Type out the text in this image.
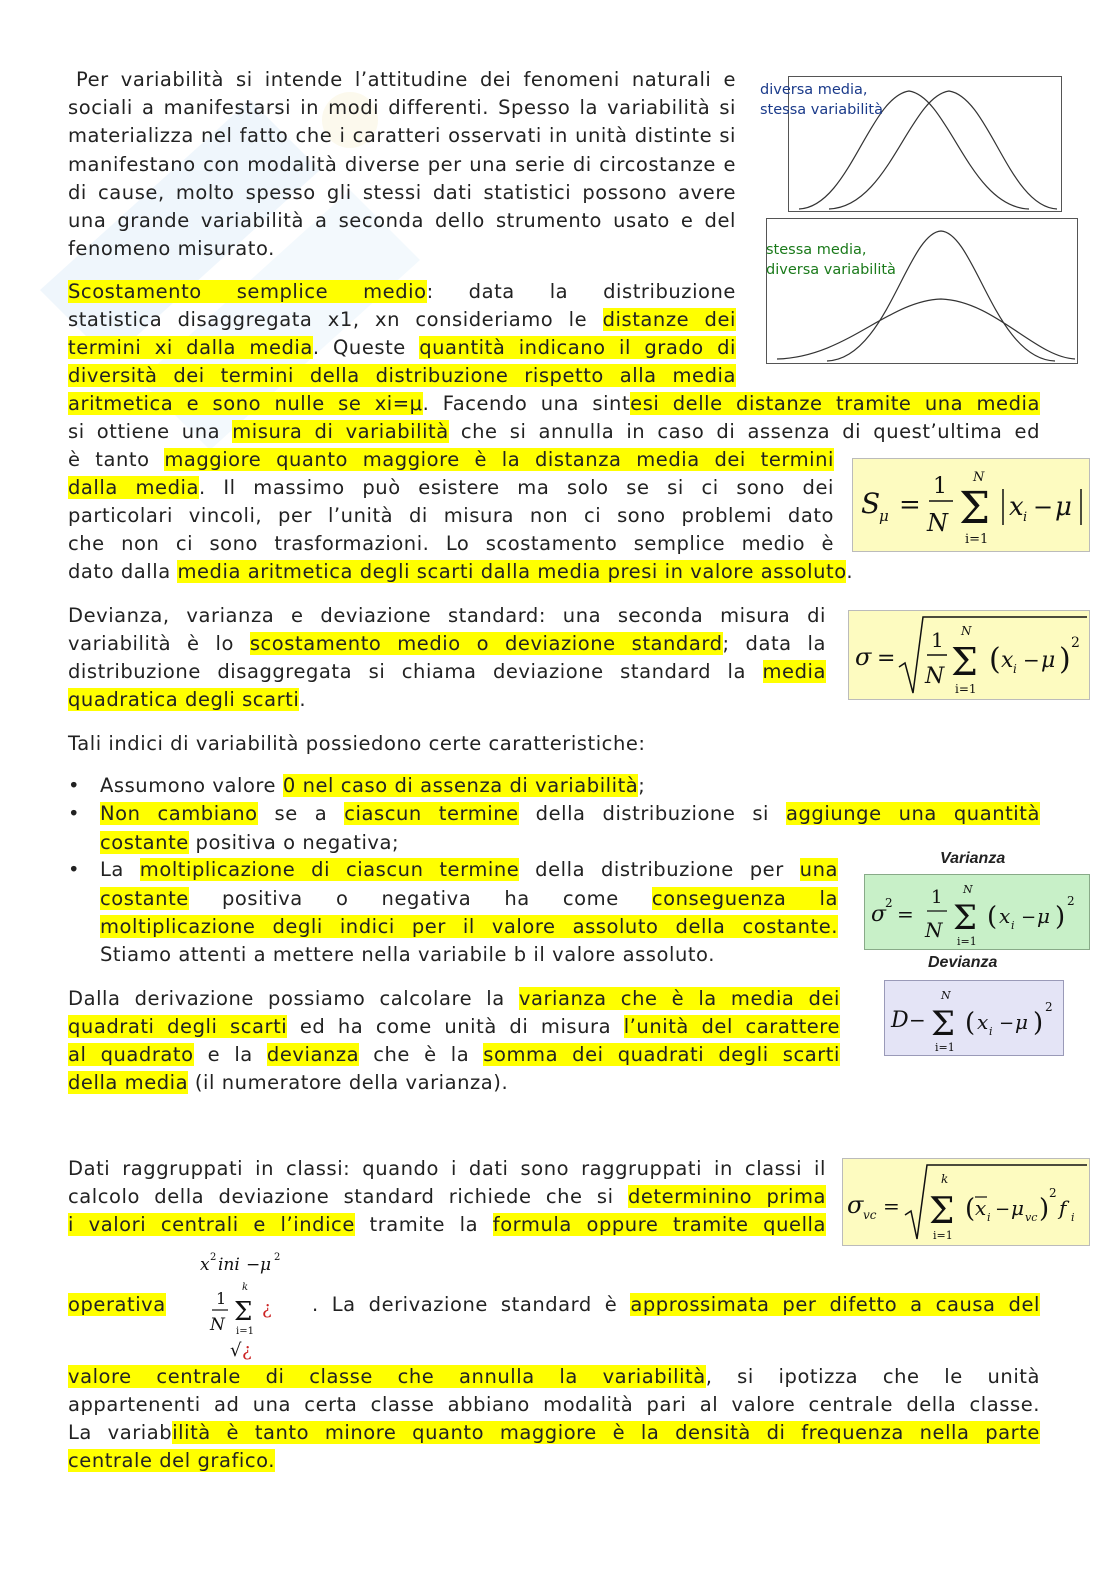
diversa media,
stessa variabilità
stessa media,
diversa variabilità

Per variabilità si intende l’attitudine dei fenomeni naturali e sociali a manifestarsi in modi differenti. Spesso la variabilità si materializza nel fatto che i caratteri osservati in unità distinte si manifestano con modalità diverse per una serie di circostanze e di cause, molto spesso gli stessi dati statistici possono avere una grande variabilità a seconda dello strumento usato e del fenomeno misurato.

Scostamento semplice medio: data la distribuzione
statistica disaggregata x1, xn consideriamo le distanze dei
termini xi dalla media. Queste quantità indicano il grado di
diversità dei termini della distribuzione rispetto alla media
aritmetica e sono nulle se xi=μ. Facendo una sintesi delle distanze tramite una media
si ottiene una misura di variabilità che si annulla in caso di assenza di quest’ultima ed
è tanto maggiore quanto maggiore è la distanza media dei termini
dalla media. Il massimo può esistere ma solo se si ci sono dei
particolari vincoli, per l’unità di misura non ci sono problemi dato
che non ci sono trasformazioni. Lo scostamento semplice medio è
dato dalla media aritmetica degli scarti dalla media presi in valore assoluto.
S
μ =
1
N
N
Σ
i=1
x i − μ
Devianza, varianza e deviazione standard: una seconda misura di
variabilità è lo scostamento medio o deviazione standard; data la
distribuzione disaggregata si chiama deviazione standard la media
quadratica degli scarti.
σ =
1
N
N
Σ
i=1
( x i − μ ) 2
Tali indici di variabilità possiedono certe caratteristiche:
• Assumono valore 0 nel caso di assenza di variabilità;
• Non cambiano se a ciascun termine della distribuzione si aggiunge una quantità
costante positiva o negativa;
• La moltiplicazione di ciascun termine della distribuzione per una
costante positiva o negativa ha come conseguenza la
moltiplicazione degli indici per il valore assoluto della costante.
Stiamo attenti a mettere nella variabile b il valore assoluto.
Varianza
σ
2 =
1
N
N
Σ
i=1
( x i − μ )
2
Devianza
D −
N
Σ
i=1
( x i − μ )
2
Dalla derivazione possiamo calcolare la varianza che è la media dei
quadrati degli scarti ed ha come unità di misura l’unità del carattere
al quadrato e la devianza che è la somma dei quadrati degli scarti
della media (il numeratore della varianza).
σ vc =
k
Σ
i=1
( x i − μ vc )
2
f i
Dati raggruppati in classi: quando i dati sono raggruppati in classi il
calcolo della deviazione standard richiede che si determinino prima
i valori centrali e l’indice tramite la formula oppure tramite quella
operativa
x 2 ini − μ 2
1
N
k
Σ
i=1
¿
√ ¿
. La derivazione standard è approssimata per difetto a causa del
valore centrale di classe che annulla la variabilità, si ipotizza che le unità
appartenenti ad una certa classe abbiano modalità pari al valore centrale della classe.
La variabilità è tanto minore quanto maggiore è la densità di frequenza nella parte
centrale del grafico.
